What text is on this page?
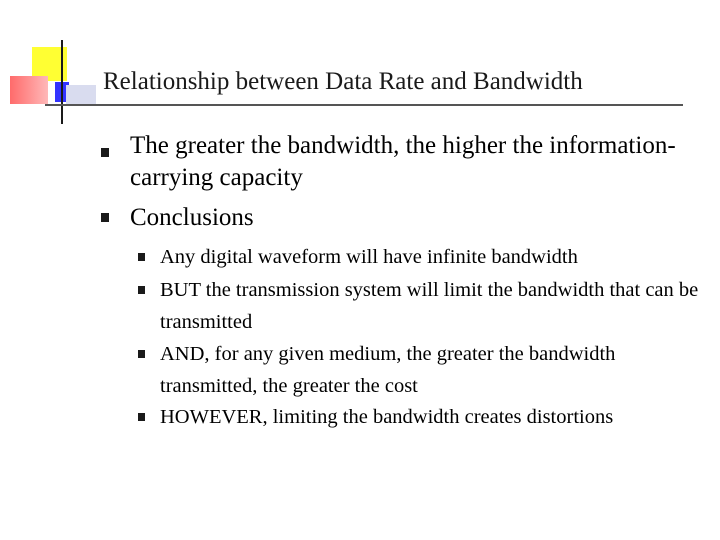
Relationship between Data Rate and Bandwidth
The greater the bandwidth, the higher the information-carrying capacity
Conclusions
Any digital waveform will have infinite bandwidth
BUT the transmission system will limit the bandwidth that can be transmitted
AND, for any given medium, the greater the bandwidth transmitted, the greater the cost
HOWEVER, limiting the bandwidth creates distortions
